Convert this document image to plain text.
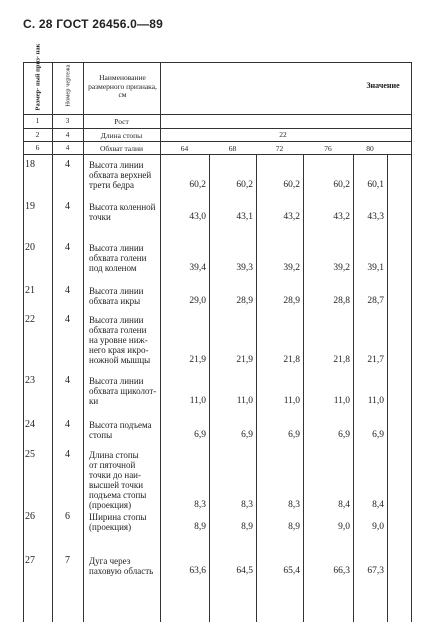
С. 28 ГОСТ 26456.0—89
Размер- ный приз- нак	Номер чертежа	Наименование размерного признака, см
Значение
1	3	Рост
2	4	Длина стопы	22
6	4	Обхват талии	64	68	72	76	80
18	4	Высота линии
обхвата верхней
трети бедра	60,2	60,2	60,2	60,2	60,1
19	4	Высота коленной
точки	43,0	43,1	43,2	43,2	43,3
20	4	Высота линии
обхвата голени
под коленом	39,4	39,3	39,2	39,2	39,1
21	4	Высота линии
обхвата икры	29,0	28,9	28,9	28,8	28,7
22	4	Высота линии
обхвата голени
на уровне ниж-
него края икро-
ножной мышцы	21,9	21,9	21,8	21,8	21,7
23	4	Высота линии
обхвата щиколот-
ки	11,0	11,0	11,0	11,0	11,0
24	4	Высота подъема
стопы	6,9	6,9	6,9	6,9	6,9
25	4	Длина стопы
от пяточной
точки до наи-
высшей точки
подъема стопы
(проекция)	8,3	8,3	8,3	8,4	8,4
26	6	Ширина стопы
(проекция)	8,9	8,9	8,9	9,0	9,0
27	7	Дуга через
паховую область	63,6	64,5	65,4	66,3	67,3
